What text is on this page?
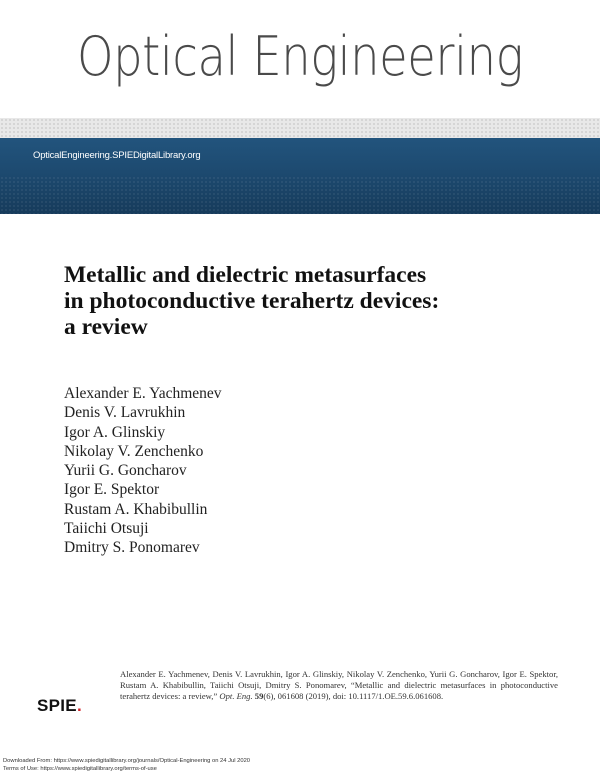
Optical Engineering
OpticalEngineering.SPIEDigitalLibrary.org
Metallic and dielectric metasurfaces
in photoconductive terahertz devices:
a review
Alexander E. Yachmenev
Denis V. Lavrukhin
Igor A. Glinskiy
Nikolay V. Zenchenko
Yurii G. Goncharov
Igor E. Spektor
Rustam A. Khabibullin
Taiichi Otsuji
Dmitry S. Ponomarev
SPIE.
Alexander E. Yachmenev, Denis V. Lavrukhin, Igor A. Glinskiy, Nikolay V. Zenchenko, Yurii G. Goncharov, Igor E. Spektor, Rustam A. Khabibullin, Taiichi Otsuji, Dmitry S. Ponomarev, “Metallic and dielectric metasurfaces in photoconductive terahertz devices: a review,” Opt. Eng. 59(6), 061608 (2019), doi: 10.1117/1.OE.59.6.061608.
Downloaded From: https://www.spiedigitallibrary.org/journals/Optical-Engineering on 24 Jul 2020
Terms of Use: https://www.spiedigitallibrary.org/terms-of-use
